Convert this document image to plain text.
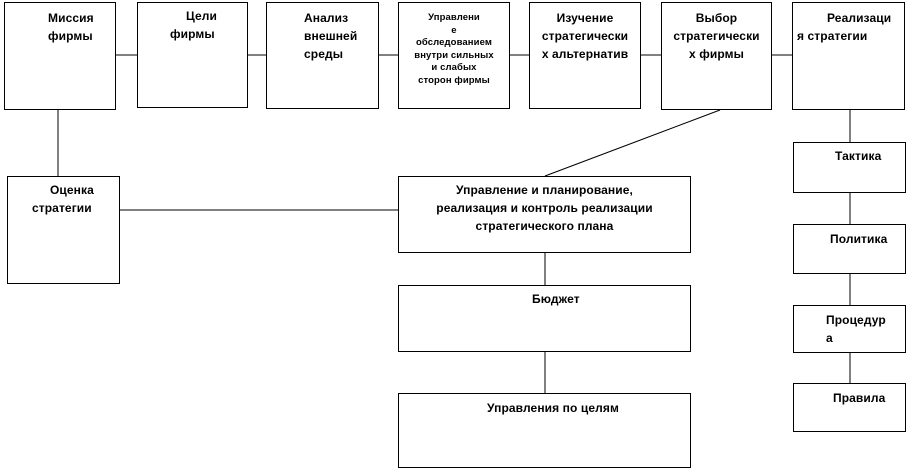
Миссия
фирмы
Цели
фирмы
Анализ
внешней
среды
Управлени
е
обследованием
внутри сильных
и слабых
сторон фирмы
Изучение
стратегически
х альтернатив
Выбор
стратегически
х фирмы
Реализаци
я стратегии
Тактика
Политика
Процедур
а
Правила
Оценка
стратегии
Управление и планирование,
реализация и контроль реализации
стратегического плана
Бюджет
Управления по целям
